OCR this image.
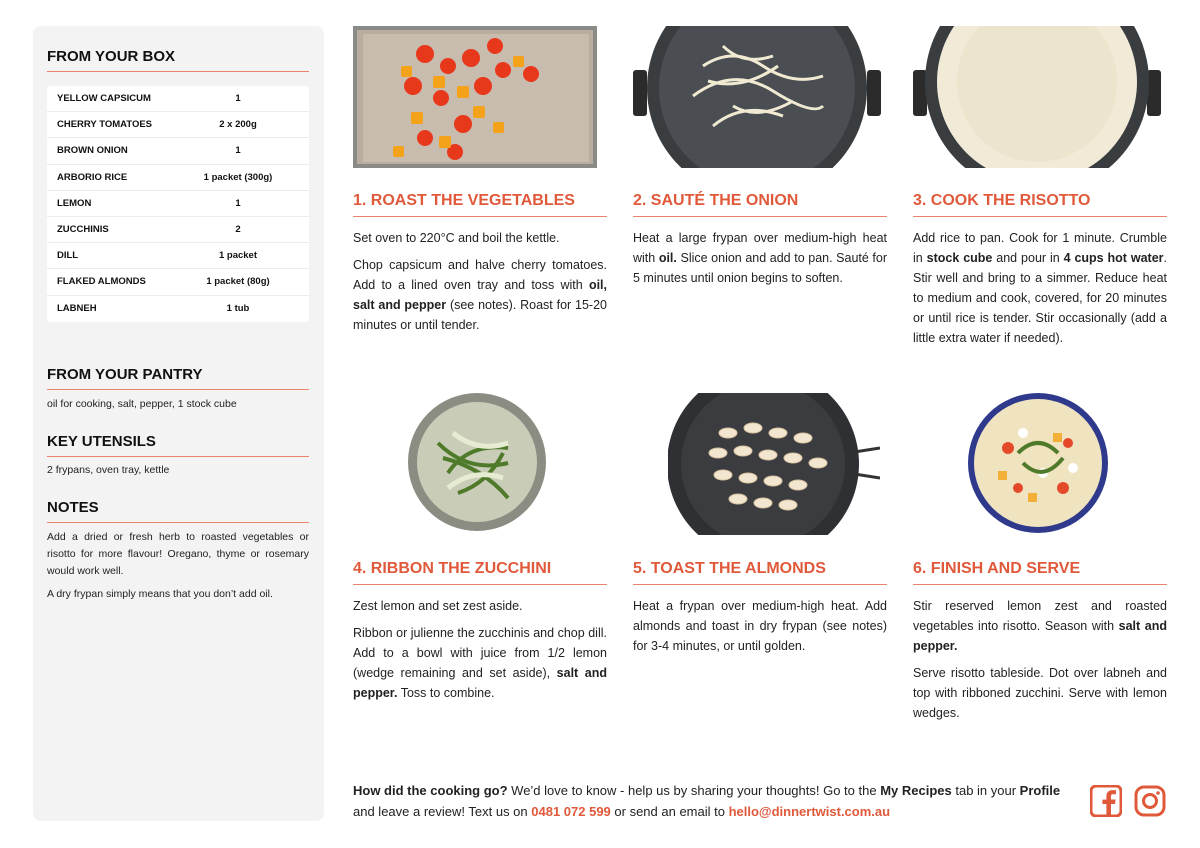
FROM YOUR BOX
YELLOW CAPSICUM	1
CHERRY TOMATOES	2 x 200g
BROWN ONION	1
ARBORIO RICE	1 packet (300g)
LEMON	1
ZUCCHINIS	2
DILL	1 packet
FLAKED ALMONDS	1 packet (80g)
LABNEH	1 tub
FROM YOUR PANTRY
oil for cooking, salt, pepper, 1 stock cube
KEY UTENSILS
2 frypans, oven tray, kettle
NOTES
Add a dried or fresh herb to roasted vegetables or risotto for more flavour! Oregano, thyme or rosemary would work well.
A dry frypan simply means that you don’t add oil.
1. ROAST THE VEGETABLES	2. SAUTÉ THE ONION	3. COOK THE RISOTTO
4. RIBBON THE ZUCCHINI	5. TOAST THE ALMONDS	6. FINISH AND SERVE

Set oven to 220°C and boil the kettle.

Chop capsicum and halve cherry tomatoes. Add to a lined oven tray and toss with oil, salt and pepper (see notes). Roast for 15-20 minutes or until tender.

Heat a large frypan over medium-high heat with oil. Slice onion and add to pan. Sauté for 5 minutes until onion begins to soften.

Add rice to pan. Cook for 1 minute. Crumble in stock cube and pour in 4 cups hot water. Stir well and bring to a simmer. Reduce heat to medium and cook, covered, for 20 minutes or until rice is tender. Stir occasionally (add a little extra water if needed).

Zest lemon and set zest aside.

Ribbon or julienne the zucchinis and chop dill. Add to a bowl with juice from 1/2 lemon (wedge remaining and set aside), salt and pepper. Toss to combine.

Heat a frypan over medium-high heat. Add almonds and toast in dry frypan (see notes) for 3-4 minutes, or until golden.

Stir reserved lemon zest and roasted vegetables into risotto. Season with salt and pepper.

Serve risotto tableside. Dot over labneh and top with ribboned zucchini. Serve with lemon wedges.

How did the cooking go? We’d love to know - help us by sharing your thoughts! Go to the My Recipes tab in your Profile and leave a review! Text us on 0481 072 599 or send an email to hello@dinnertwist.com.au
